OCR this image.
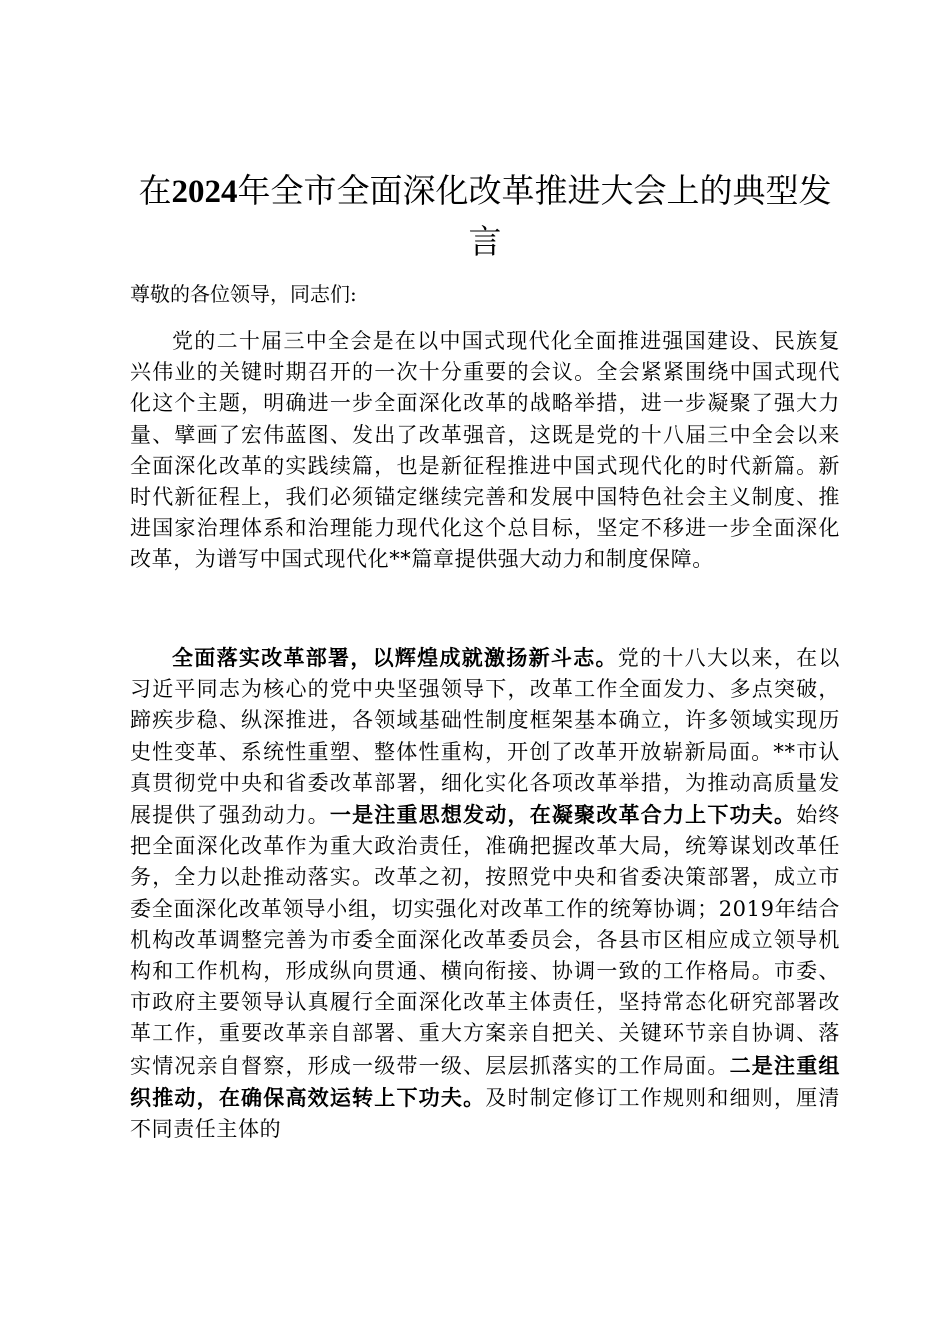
在2024年全市全面深化改革推进大会上的典型发言

尊敬的各位领导，同志们:

党的二十届三中全会是在以中国式现代化全面推进强国建设、民族复兴伟业的关键时期召开的一次十分重要的会议。全会紧紧围绕中国式现代化这个主题，明确进一步全面深化改革的战略举措，进一步凝聚了强大力量、擘画了宏伟蓝图、发出了改革强音，这既是党的十八届三中全会以来全面深化改革的实践续篇，也是新征程推进中国式现代化的时代新篇。新时代新征程上，我们必须锚定继续完善和发展中国特色社会主义制度、推进国家治理体系和治理能力现代化这个总目标，坚定不移进一步全面深化改革，为谱写中国式现代化**篇章提供强大动力和制度保障。

全面落实改革部署，以辉煌成就激扬新斗志。党的十八大以来，在以习近平同志为核心的党中央坚强领导下，改革工作全面发力、多点突破，蹄疾步稳、纵深推进，各领域基础性制度框架基本确立，许多领域实现历史性变革、系统性重塑、整体性重构，开创了改革开放崭新局面。**市认真贯彻党中央和省委改革部署，细化实化各项改革举措，为推动高质量发展提供了强劲动力。一是注重思想发动，在凝聚改革合力上下功夫。始终把全面深化改革作为重大政治责任，准确把握改革大局，统筹谋划改革任务，全力以赴推动落实。改革之初，按照党中央和省委决策部署，成立市委全面深化改革领导小组，切实强化对改革工作的统筹协调；2019年结合机构改革调整完善为市委全面深化改革委员会，各县市区相应成立领导机构和工作机构，形成纵向贯通、横向衔接、协调一致的工作格局。市委、市政府主要领导认真履行全面深化改革主体责任，坚持常态化研究部署改革工作，重要改革亲自部署、重大方案亲自把关、关键环节亲自协调、落实情况亲自督察，形成一级带一级、层层抓落实的工作局面。二是注重组织推动，在确保高效运转上下功夫。及时制定修订工作规则和细则，厘清不同责任主体的
